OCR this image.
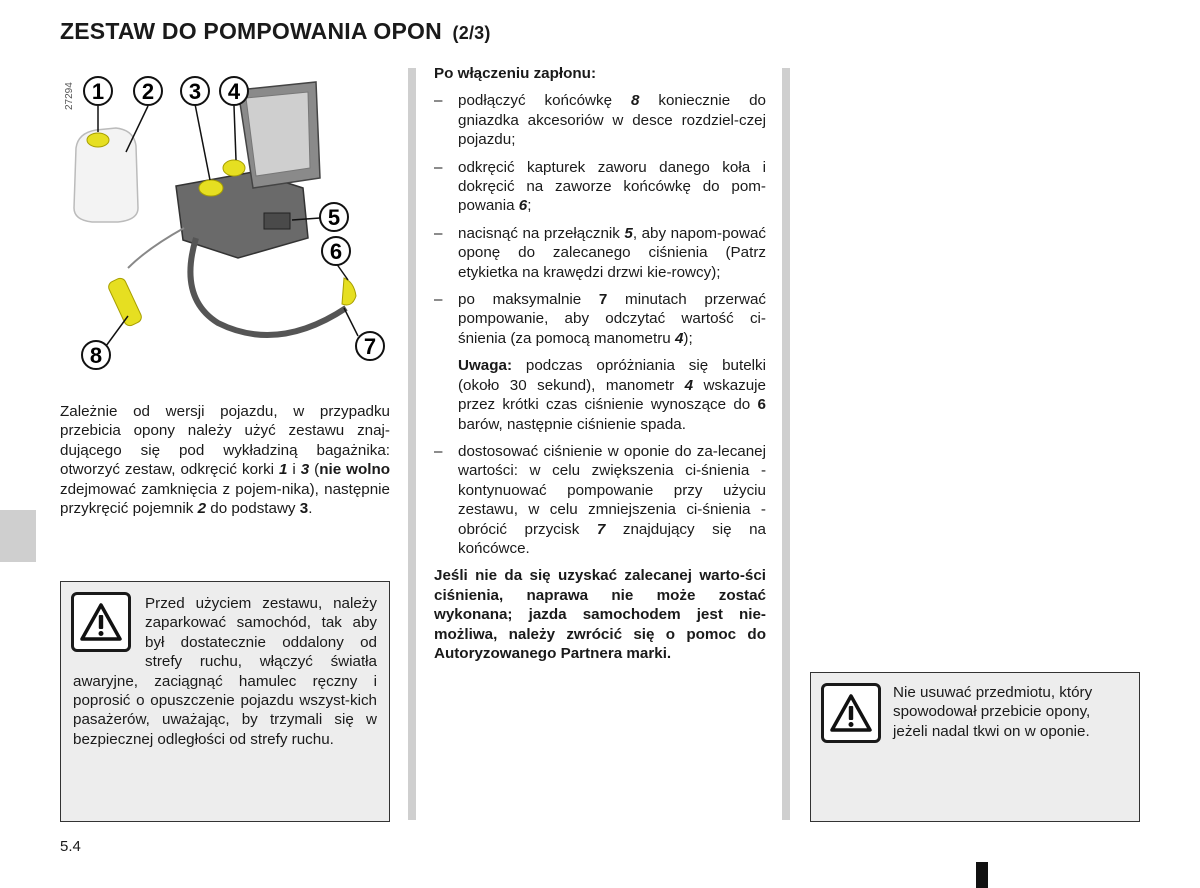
ZESTAW DO POMPOWANIA OPON (2/3)
1 2 3 4
5
6
7
8
27294

Zależnie od wersji pojazdu, w przypadku przebicia opony należy użyć zestawu znaj-dującego się pod wykładziną bagażnika: otworzyć zestaw, odkręcić korki 1 i 3 (nie wolno zdejmować zamknięcia z pojem-nika), następnie przykręcić pojemnik 2 do podstawy 3.

Przed użyciem zestawu, należy zaparkować samochód, tak aby był dostatecznie oddalony od strefy ruchu, włączyć światła awaryjne, zaciągnąć hamulec ręczny i poprosić o opuszczenie pojazdu wszyst-kich pasażerów, uważając, by trzymali się w bezpiecznej odległości od strefy ruchu.
Po włączeniu zapłonu:
– podłączyć końcówkę 8 koniecznie do gniazdka akcesoriów w desce rozdziel-czej pojazdu;
– odkręcić kapturek zaworu danego koła i dokręcić na zaworze końcówkę do pom-powania 6;
– nacisnąć na przełącznik 5, aby napom-pować oponę do zalecanego ciśnienia (Patrz etykietka na krawędzi drzwi kie-rowcy);
– po maksymalnie 7 minutach przerwać pompowanie, aby odczytać wartość ci-śnienia (za pomocą manometru 4);
Uwaga: podczas opróżniania się butelki (około 30 sekund), manometr 4 wskazuje przez krótki czas ciśnienie wynoszące do 6 barów, następnie ciśnienie spada.
– dostosować ciśnienie w oponie do za-lecanej wartości: w celu zwiększenia ci-śnienia - kontynuować pompowanie przy użyciu zestawu, w celu zmniejszenia ci-śnienia - obrócić przycisk 7 znajdujący się na końcówce.
Jeśli nie da się uzyskać zalecanej warto-ści ciśnienia, naprawa nie może zostać wykonana; jazda samochodem jest nie-możliwa, należy zwrócić się o pomoc do Autoryzowanego Partnera marki.
Nie usuwać przedmiotu, który spowodował przebicie opony, jeżeli nadal tkwi on w oponie.
5.4
